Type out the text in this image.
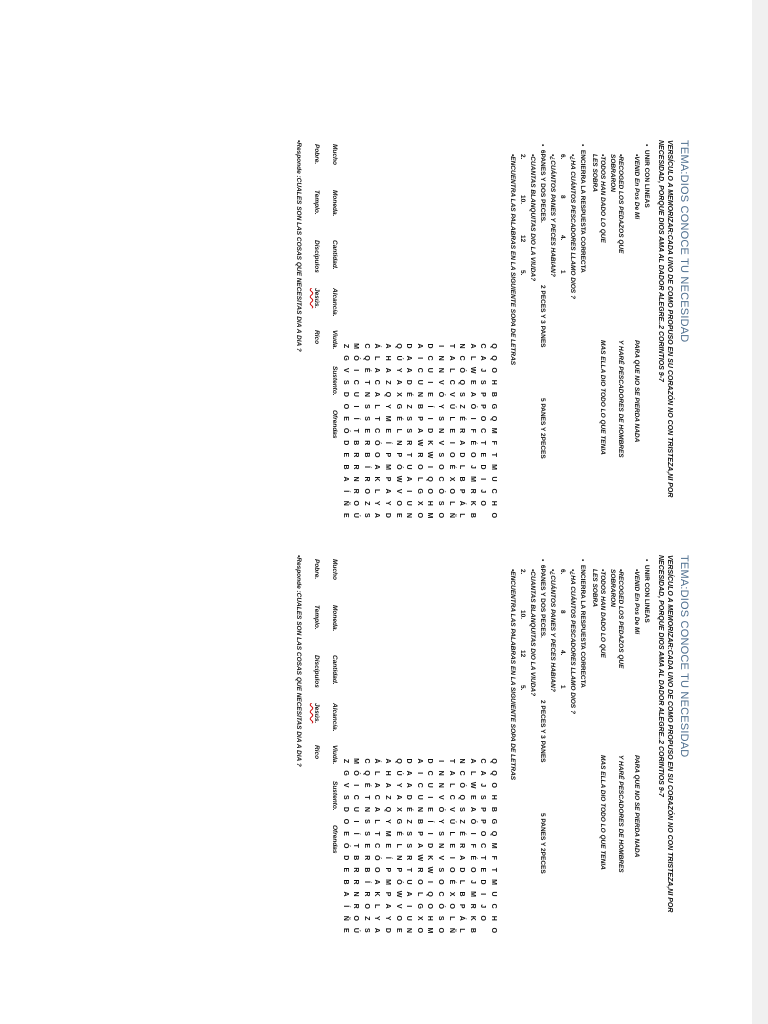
TEMA:DIOS CONOCE TU NECESIDAD
VERSÍCULO A MEMORIZAR:CADA UNO DE COMO PROPUSO EN SU CORAZÓN NO CON TRISTEZA,NI POR NECESIDAD, PORQUE DIOS AMA AL DADOR ALEGRE..2 CORINTIOS 9-7
•  UNIR CON LINEAS
•VENID En Pos De Mi
PARA QUE NO SE PIERDA NADA
•RECOGED LOS PEDAZOS QUE SOBRARON
Y HARÉ PESCADORES DE HOMBRES
•TODOS HAN DADO LO QUE LES SOBRA
MAS ELLA DIO TODO LO QUE TENIA
•  ENCIERRA LA RESPUESTA CORRECTA
•¿HA CUÁNTOS PESCADORES LLAMO DIOS ?
6.
8
4.
1
•¿CUÁNTOS PANES Y PECES HABIAN?
•  6PANES Y DOS PECES.
2 PECES Y 3 PANES
5 PANES Y 2PECES
•CUANTAS BLANQUITAS DIO LA VIUDA?
2.
10.
12
5.
•ENCUENTRA LAS PALABRAS EN LA SIGUIENTE SOPA DE LETRAS
Q
Q
O
H
B
G
Q
M
F
T
M
U
C
H
O
C
A
J
S
P
P
O
C
T
E
D
I
J
O
A
L
W
E
A
Ó
I
F
É
O
J
M
R
K
B
N
C
Ó
Q
S
Z
É
R
A
D
L
B
P
Á
L
T
A
L
C
V
Ú
L
E
I
O
É
X
O
L
Ñ
I
N
N
V
Ó
Y
S
N
V
S
O
C
Ó
S
O
D
C
U
I
E
Í
I
D
K
W
I
Q
O
H
M
A
I
C
U
N
B
P
A
W
R
O
L
G
X
O
D
A
A
D
É
Z
S
S
R
T
U
A
I
U
N
Q
Ú
Y
A
X
G
É
L
N
P
Ó
W
V
O
E
A
H
A
Z
Q
Y
M
E
Í
P
M
P
A
Y
D
Á
L
A
C
A
L
T
C
Ó
O
A
K
L
Y
A
C
Q
É
T
N
S
S
E
R
B
Í
R
O
Z
S
M
Ó
I
C
U
I
Í
T
B
R
R
N
R
O
Ú
Z
G
V
S
D
O
E
Ó
D
E
B
A
Í
Ñ
E
Mucho
Pobre.
Moneda.
Templo.
Cantidad.
Discípulos
Alcancía.
Jesús.
Viuda.
Rico
Sustento.
Ofrendas
•Responde :CUALES SON LAS COSAS QUE NECESITAS DIA A DIA ?
TEMA:DIOS CONOCE TU NECESIDAD
VERSÍCULO A MEMORIZAR:CADA UNO DE COMO PROPUSO EN SU CORAZÓN NO CON TRISTEZA,NI POR NECESIDAD, PORQUE DIOS AMA AL DADOR ALEGRE..2 CORINTIOS 9-7
•  UNIR CON LINEAS
•VENID En Pos De Mi
PARA QUE NO SE PIERDA NADA
•RECOGED LOS PEDAZOS QUE SOBRARON
Y HARÉ PESCADORES DE HOMBRES
•TODOS HAN DADO LO QUE LES SOBRA
MAS ELLA DIO TODO LO QUE TENIA
•  ENCIERRA LA RESPUESTA CORRECTA
•¿HA CUÁNTOS PESCADORES LLAMO DIOS ?
6.
8
4.
1
•¿CUÁNTOS PANES Y PECES HABIAN?
•  6PANES Y DOS PECES.
2 PECES Y 3 PANES
5 PANES Y 2PECES
•CUANTAS BLANQUITAS DIO LA VIUDA?
2.
10.
12
5.
•ENCUENTRA LAS PALABRAS EN LA SIGUIENTE SOPA DE LETRAS
Q
Q
O
H
B
G
Q
M
F
T
M
U
C
H
O
C
A
J
S
P
P
O
C
T
E
D
I
J
O
A
L
W
E
A
Ó
I
F
É
O
J
M
R
K
B
N
C
Ó
Q
S
Z
É
R
A
D
L
B
P
Á
L
T
A
L
C
V
Ú
L
E
I
O
É
X
O
L
Ñ
I
N
N
V
Ó
Y
S
N
V
S
O
C
Ó
S
O
D
C
U
I
E
Í
I
D
K
W
I
Q
O
H
M
A
I
C
U
N
B
P
A
W
R
O
L
G
X
O
D
A
A
D
É
Z
S
S
R
T
U
A
I
U
N
Q
Ú
Y
A
X
G
É
L
N
P
Ó
W
V
O
E
A
H
A
Z
Q
Y
M
E
Í
P
M
P
A
Y
D
Á
L
A
C
A
L
T
C
Ó
O
A
K
L
Y
A
C
Q
É
T
N
S
S
E
R
B
Í
R
O
Z
S
M
Ó
I
C
U
I
Í
T
B
R
R
N
R
O
Ú
Z
G
V
S
D
O
E
Ó
D
E
B
A
Í
Ñ
E
Mucho
Pobre.
Moneda.
Templo.
Cantidad.
Discípulos
Alcancía.
Jesús.
Viuda.
Rico
Sustento.
Ofrendas
•Responde :CUALES SON LAS COSAS QUE NECESITAS DIA A DIA ?
